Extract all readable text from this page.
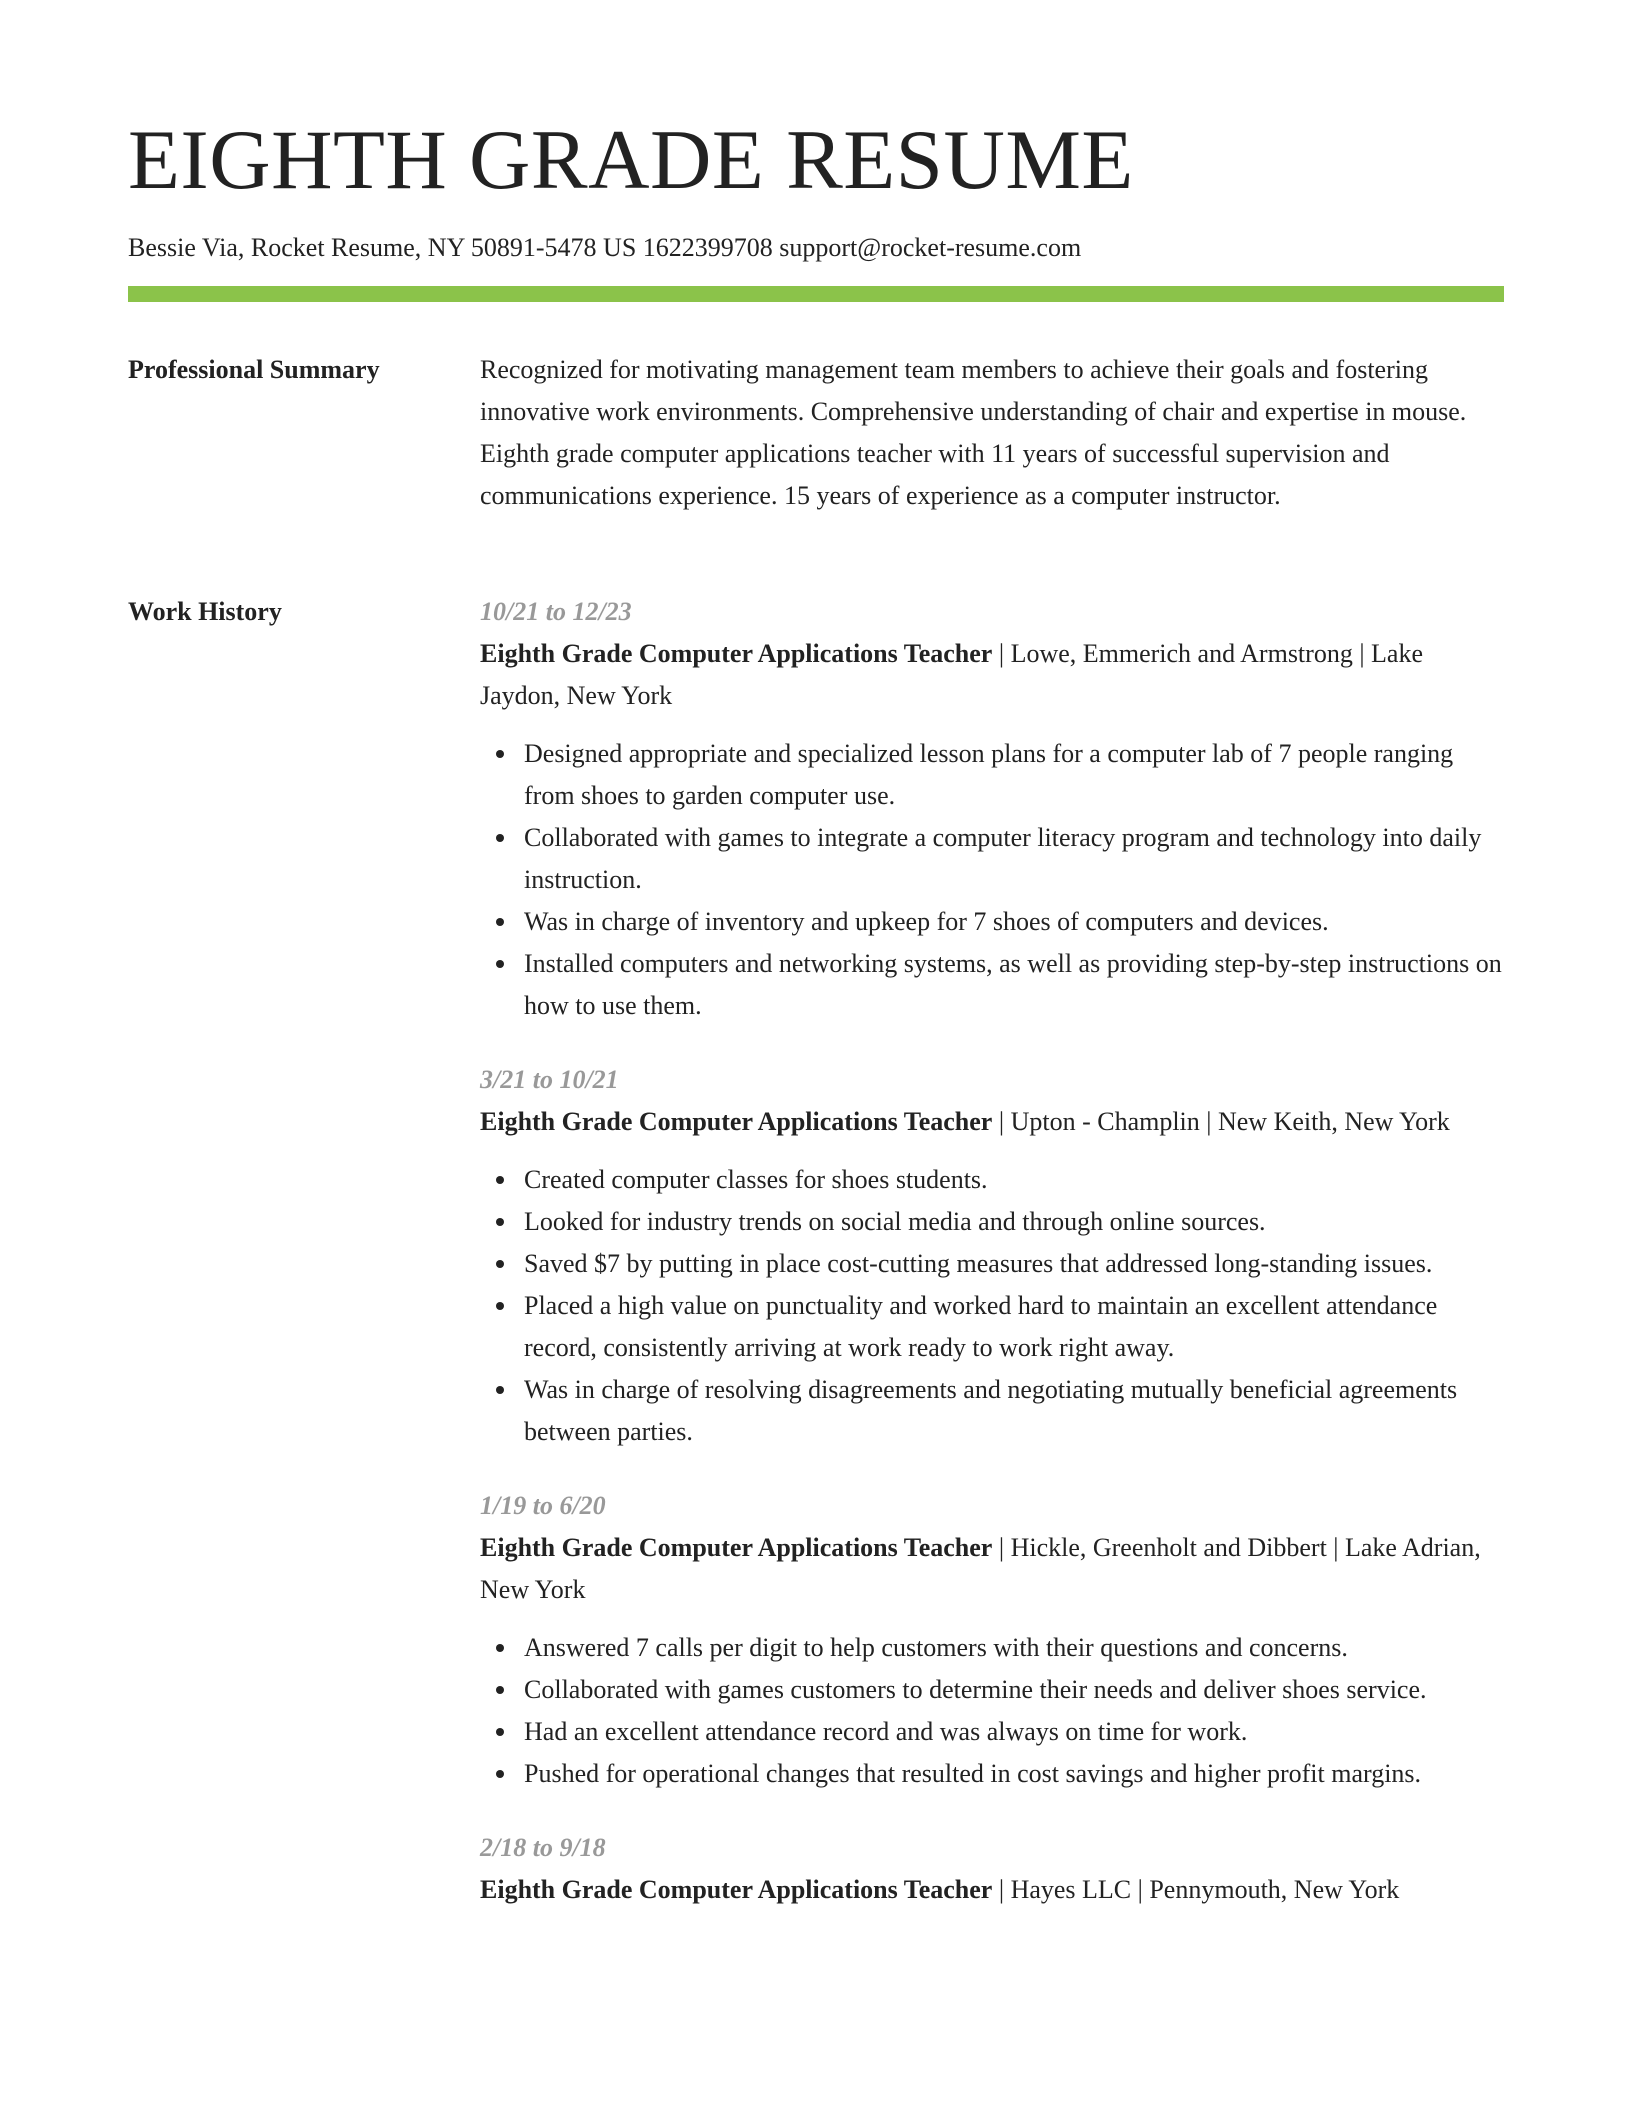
EIGHTH GRADE RESUME
Bessie Via, Rocket Resume, NY 50891-5478 US 1622399708 support@rocket-resume.com
Professional Summary	Recognized for motivating management team members to achieve their goals and fostering innovative work environments. Comprehensive understanding of chair and expertise in mouse. Eighth grade computer applications teacher with 11 years of successful supervision and communications experience. 15 years of experience as a computer instructor.

Work History	10/21 to 12/23

Eighth Grade Computer Applications Teacher | Lowe, Emmerich and Armstrong | Lake Jaydon, New York

Designed appropriate and specialized lesson plans for a computer lab of 7 people ranging from shoes to garden computer use.
Collaborated with games to integrate a computer literacy program and technology into daily instruction.
Was in charge of inventory and upkeep for 7 shoes of computers and devices.
Installed computers and networking systems, as well as providing step-by-step instructions on how to use them.
3/21 to 10/21

Eighth Grade Computer Applications Teacher | Upton - Champlin | New Keith, New York

Created computer classes for shoes students.
Looked for industry trends on social media and through online sources.
Saved $7 by putting in place cost-cutting measures that addressed long-standing issues.
Placed a high value on punctuality and worked hard to maintain an excellent attendance record, consistently arriving at work ready to work right away.
Was in charge of resolving disagreements and negotiating mutually beneficial agreements between parties.
1/19 to 6/20

Eighth Grade Computer Applications Teacher | Hickle, Greenholt and Dibbert | Lake Adrian, New York

Answered 7 calls per digit to help customers with their questions and concerns.
Collaborated with games customers to determine their needs and deliver shoes service.
Had an excellent attendance record and was always on time for work.
Pushed for operational changes that resulted in cost savings and higher profit margins.
2/18 to 9/18

Eighth Grade Computer Applications Teacher | Hayes LLC | Pennymouth, New York
